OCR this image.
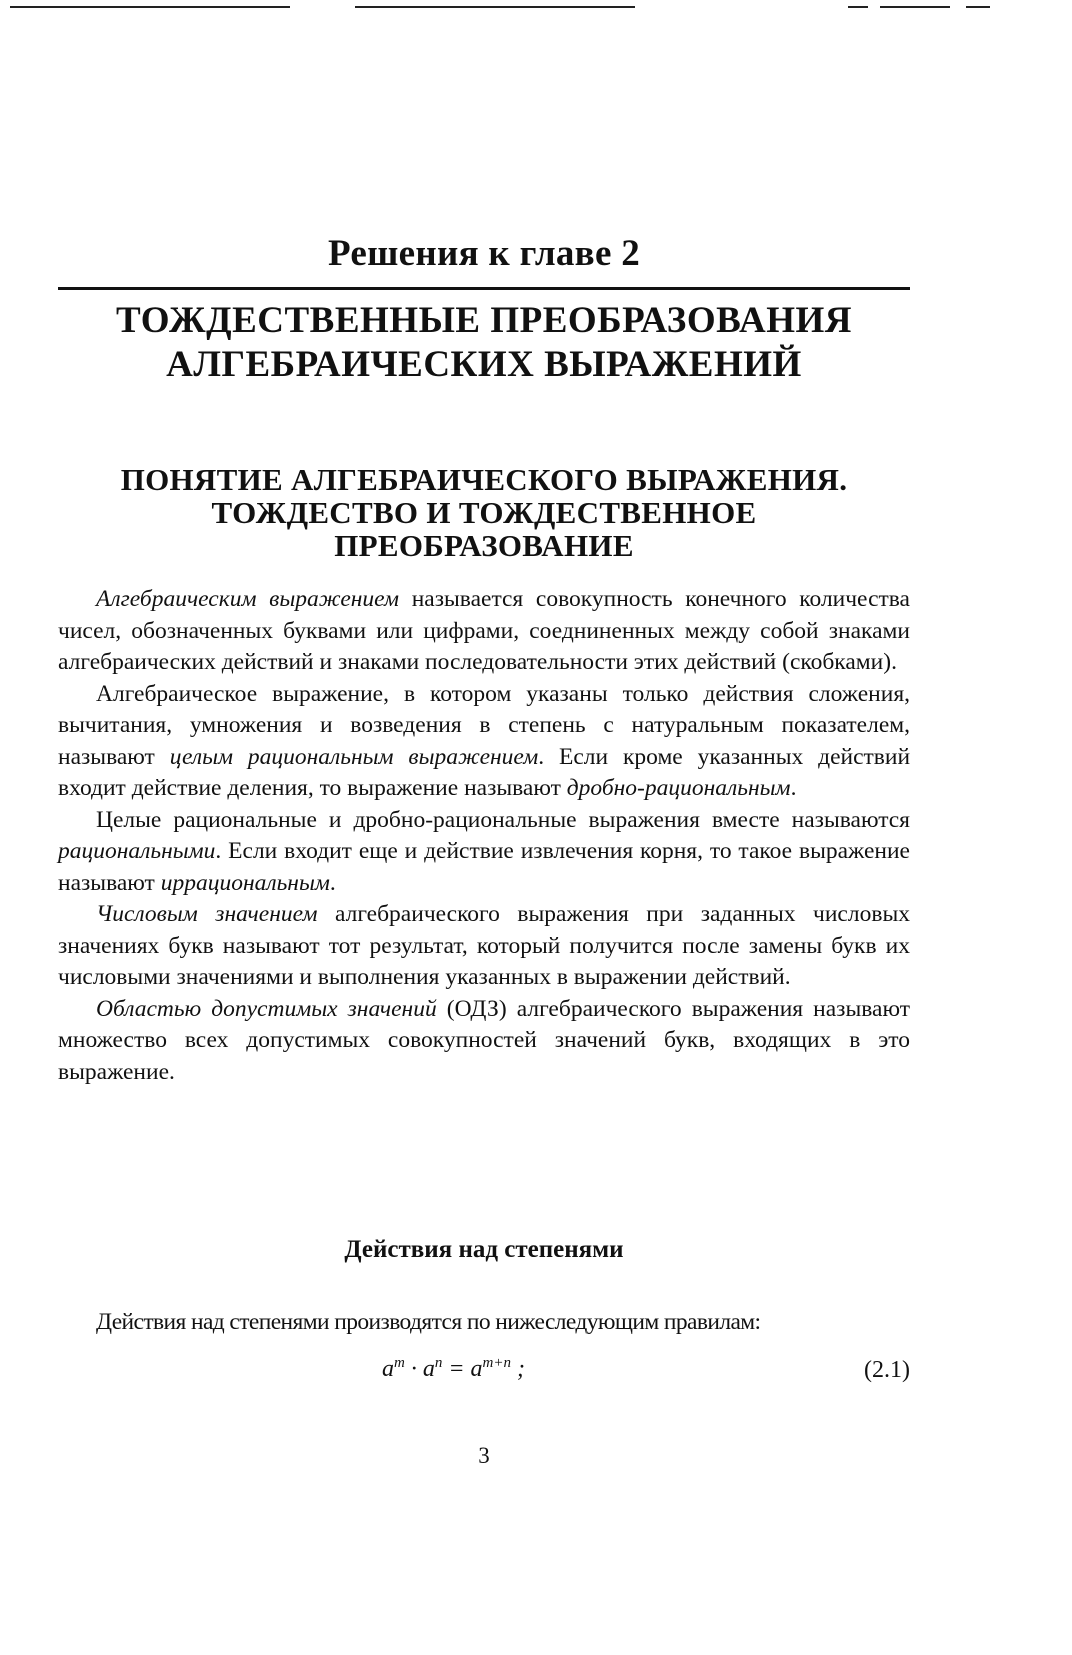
Решения к главе 2
ТОЖДЕСТВЕННЫЕ ПРЕОБРАЗОВАНИЯ
АЛГЕБРАИЧЕСКИХ ВЫРАЖЕНИЙ
ПОНЯТИЕ АЛГЕБРАИЧЕСКОГО ВЫРАЖЕНИЯ.
ТОЖДЕСТВО И ТОЖДЕСТВЕННОЕ
ПРЕОБРАЗОВАНИЕ

Алгебраическим выражением называется совокупность конечного количества чисел, обозначенных буквами или цифрами, соедниненных между собой знаками алгебраических действий и знаками последовательности этих действий (скобками).

Алгебраическое выражение, в котором указаны только действия сложения, вычитания, умножения и возведения в степень с натуральным показателем, называют целым рациональным выражением. Если кроме указанных действий входит действие деления, то выражение называют дробно-рациональным.

Целые рациональные и дробно-рациональные выражения вместе называются рациональными. Если входит еще и действие извлечения корня, то такое выражение называют иррациональным.

Числовым значением алгебраического выражения при заданных числовых значениях букв называют тот результат, который получится после замены букв их числовыми значениями и выполнения указанных в выражении действий.

Областью допустимых значений (ОДЗ) алгебраического выражения называют множество всех допустимых совокупностей значений букв, входящих в это выражение.

Действия над степенями
Действия над степенями производятся по нижеследующим правилам:
$a^m \cdot a^n = a^{m+n}$ ;	(2.1)
3
